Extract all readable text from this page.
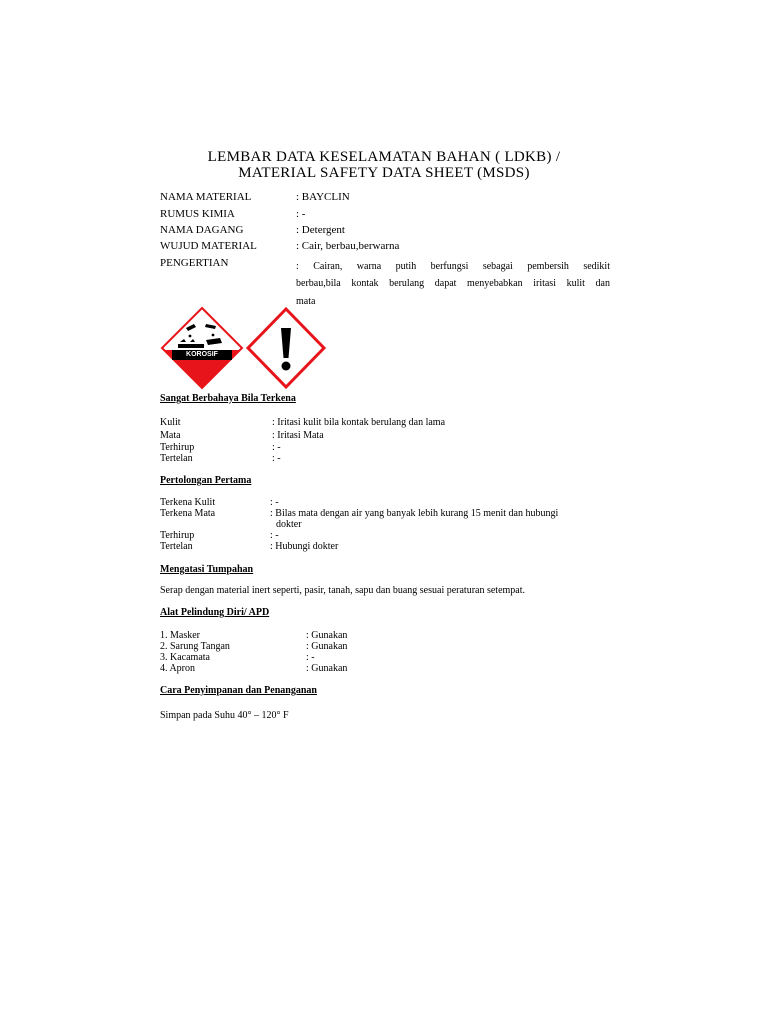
LEMBAR DATA KESELAMATAN BAHAN ( LDKB) /
MATERIAL SAFETY DATA SHEET (MSDS)
NAMA MATERIAL	: BAYCLIN
RUMUS KIMIA	: -
NAMA DAGANG	: Detergent
WUJUD MATERIAL	: Cair, berbau,berwarna
PENGERTIAN	: Cairan, warna putih berfungsi sebagai pembersih sedikit
berbau,bila kontak berulang dapat menyebabkan iritasi kulit dan
mata
KOROSIF
Sangat Berbahaya Bila Terkena
Kulit	: Iritasi kulit bila kontak berulang dan lama
Mata	: Iritasi Mata
Terhirup	: -
Tertelan	: -
Pertolongan Pertama
Terkena Kulit	: -
Terkena Mata	: Bilas mata dengan air yang banyak lebih kurang 15 menit dan hubungi
dokter
Terhirup	: -
Tertelan	: Hubungi dokter
Mengatasi Tumpahan
Serap dengan material inert seperti, pasir, tanah, sapu dan buang sesuai peraturan setempat.
Alat Pelindung Diri/ APD
1. Masker	: Gunakan
2. Sarung Tangan	: Gunakan
3. Kacamata	: -
4. Apron	: Gunakan
Cara Penyimpanan dan Penanganan
Simpan pada Suhu 40° – 120° F
